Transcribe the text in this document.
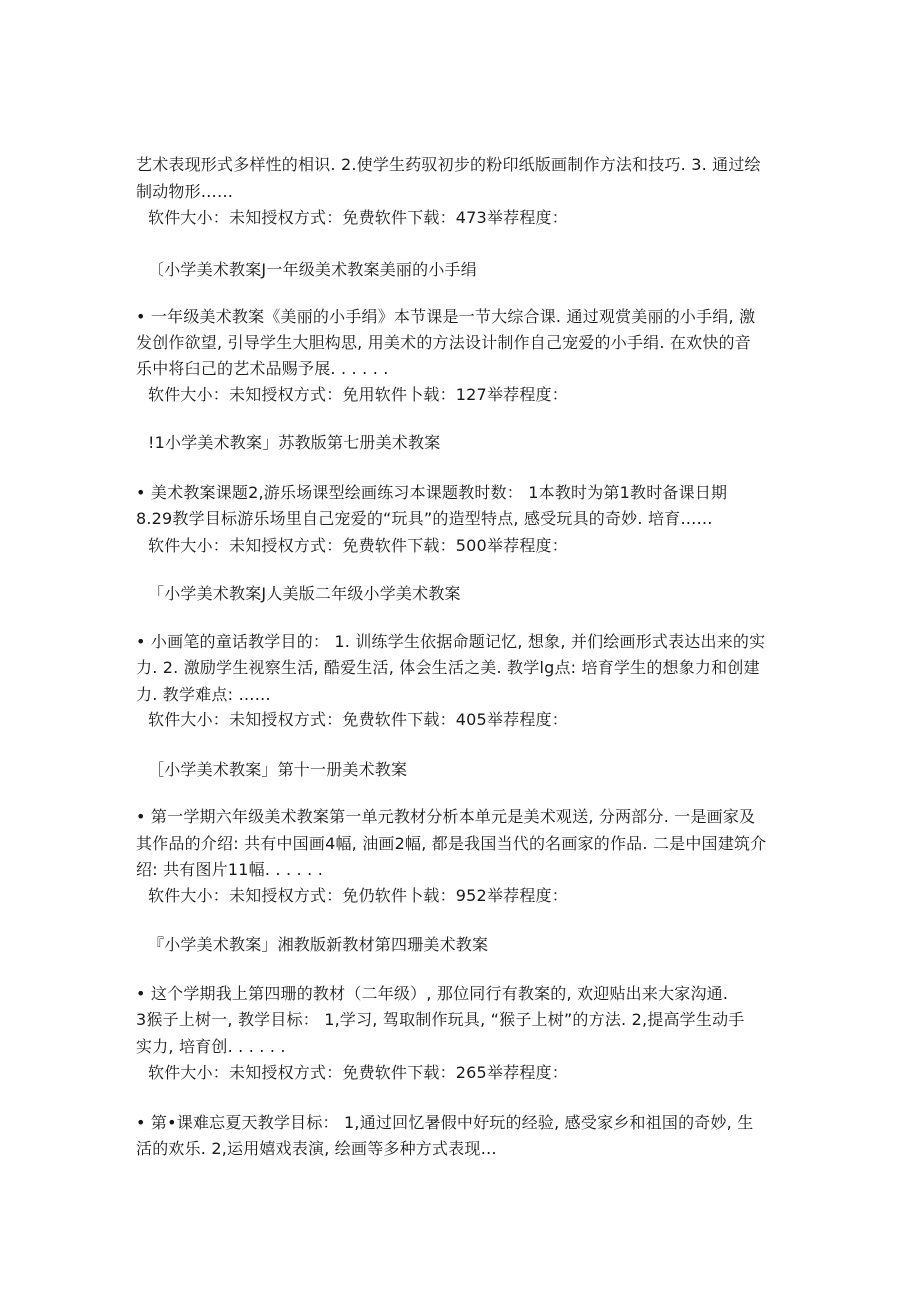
艺术表现形式多样性的相识. 2.使学生药驭初步的粉印纸版画制作方法和技巧. 3. 通过绘
制动物形……
软件大小：未知授权方式：免费软件下载：473举荐程度：
〔小学美术教案J一年级美术教案美丽的小手绢
• 一年级美术教案《美丽的小手绢》本节课是一节大综合课. 通过观赏美丽的小手绢, 激
发创作欲望, 引导学生大胆构思, 用美术的方法设计制作自己宠爱的小手绢. 在欢快的音
乐中将臼己的艺术品赐予展. . . . . .
软件大小：未知授权方式：免用软件卜载：127举荐程度：
!1小学美术教案」苏教版第七册美术教案
• 美术教案课题2,游乐场课型绘画练习本课题教时数： 1本教时为第1教时备课日期
8.29教学目标游乐场里自己宠爱的“玩具”的造型特点, 感受玩具的奇妙. 培育……
软件大小：未知授权方式：免费软件下载：500举荐程度：
「小学美术教案J人美版二年级小学美术教案
• 小画笔的童话教学目的： 1. 训练学生依据命题记忆, 想象, 并们绘画形式表达出来的实
力. 2. 激励学生视察生活, 酷爱生活, 体会生活之美. 教学lg点: 培育学生的想象力和创建
力. 教学难点: ……
软件大小：未知授权方式：免费软件下载：405举荐程度：
［小学美术教案」第十一册美术教案
• 第一学期六年级美术教案第一单元教材分析本单元是美术观送, 分两部分. 一是画家及
其作品的介绍: 共有中国画4幅, 油画2幅, 都是我国当代的名画家的作品. 二是中国建筑介
绍: 共有图片11幅. . . . . .
软件大小：未知授权方式：免仍软件卜载：952举荐程度：
『小学美术教案」湘教版新教材第四珊美术教案
• 这个学期我上第四珊的教材（二年级）, 那位同行有教案的, 欢迎贴出来大家沟通.
3猴子上树一, 教学目标： 1,学习, 驾取制作玩具, “猴子上树”的方法. 2,提高学生动手
实力, 培育创. . . . . .
软件大小：未知授权方式：免费软件下载：265举荐程度：
• 第•课难忘夏天教学目标： 1,通过回忆暑假中好玩的经验, 感受家乡和祖国的奇妙, 生
活的欢乐. 2,运用嬉戏表演, 绘画等多种方式表现…
